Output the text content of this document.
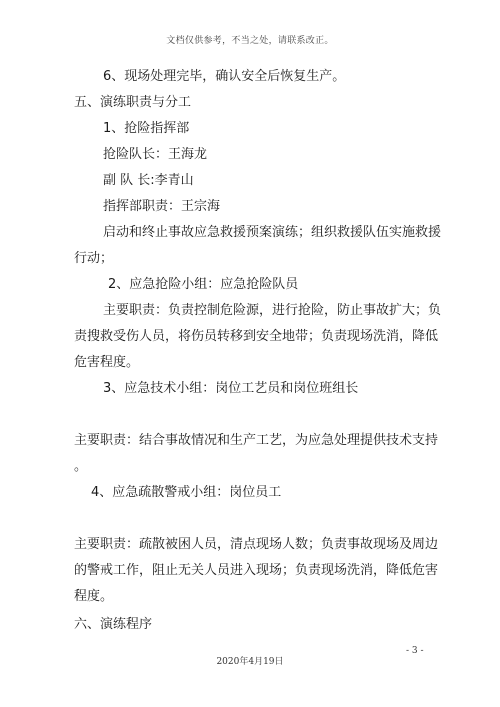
文档仅供参考，不当之处，请联系改正。
6、现场处理完毕，确认安全后恢复生产。
五、演练职责与分工
1、抢险指挥部
抢险队长：王海龙
副 队 长:李青山
指挥部职责：王宗海
启动和终止事故应急救援预案演练；组织救援队伍实施救援
行动；
2、应急抢险小组：应急抢险队员
主要职责：负责控制危险源，进行抢险，防止事故扩大；负
责搜救受伤人员，将伤员转移到安全地带；负责现场洗消，降低
危害程度。
3、应急技术小组：岗位工艺员和岗位班组长
主要职责：结合事故情况和生产工艺，为应急处理提供技术支持
。
4、应急疏散警戒小组：岗位员工
主要职责：疏散被困人员，清点现场人数；负责事故现场及周边
的警戒工作，阻止无关人员进入现场；负责现场洗消，降低危害
程度。
六、演练程序
- 3 -
2020年4月19日
